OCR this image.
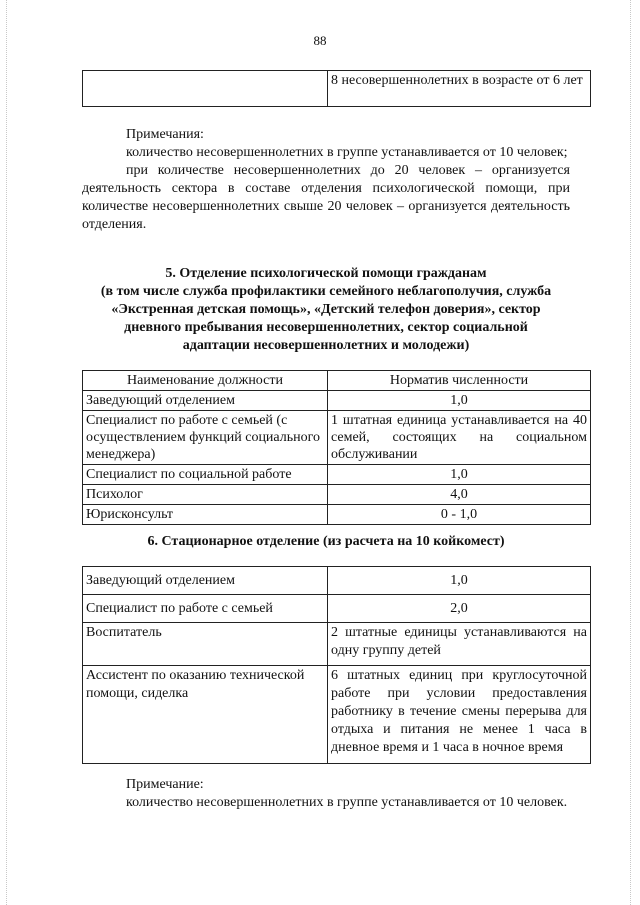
88
	8 несовершеннолетних в возрасте от 6 лет

Примечания:

количество несовершеннолетних в группе устанавливается от 10 человек;

при количестве несовершеннолетних до 20 человек – организуется деятельность сектора в составе отделения психологической помощи, при количестве несовершеннолетних свыше 20 человек – организуется деятельность отделения.

5. Отделение психологической помощи гражданам
(в том числе служба профилактики семейного неблагополучия, служба
«Экстренная детская помощь», «Детский телефон доверия», сектор
дневного пребывания несовершеннолетних, сектор социальной
адаптации несовершеннолетних и молодежи)
Наименование должности	Норматив численности
Заведующий отделением	1,0
Специалист по работе с семьей (с осуществлением функций социального менеджера)	1 штатная единица устанавливается на 40 семей, состоящих на социальном обслуживании
Специалист по социальной работе	1,0
Психолог	4,0
Юрисконсульт	0 - 1,0
6. Стационарное отделение (из расчета на 10 койкомест)
Заведующий отделением	1,0
Специалист по работе с семьей	2,0
Воспитатель	2 штатные единицы устанавливаются на одну группу детей
Ассистент по оказанию технической помощи, сиделка	6 штатных единиц при круглосуточной работе при условии предоставления работнику в течение смены перерыва для отдыха и питания не менее 1 часа в дневное время и 1 часа в ночное время

Примечание:

количество несовершеннолетних в группе устанавливается от 10 человек.
